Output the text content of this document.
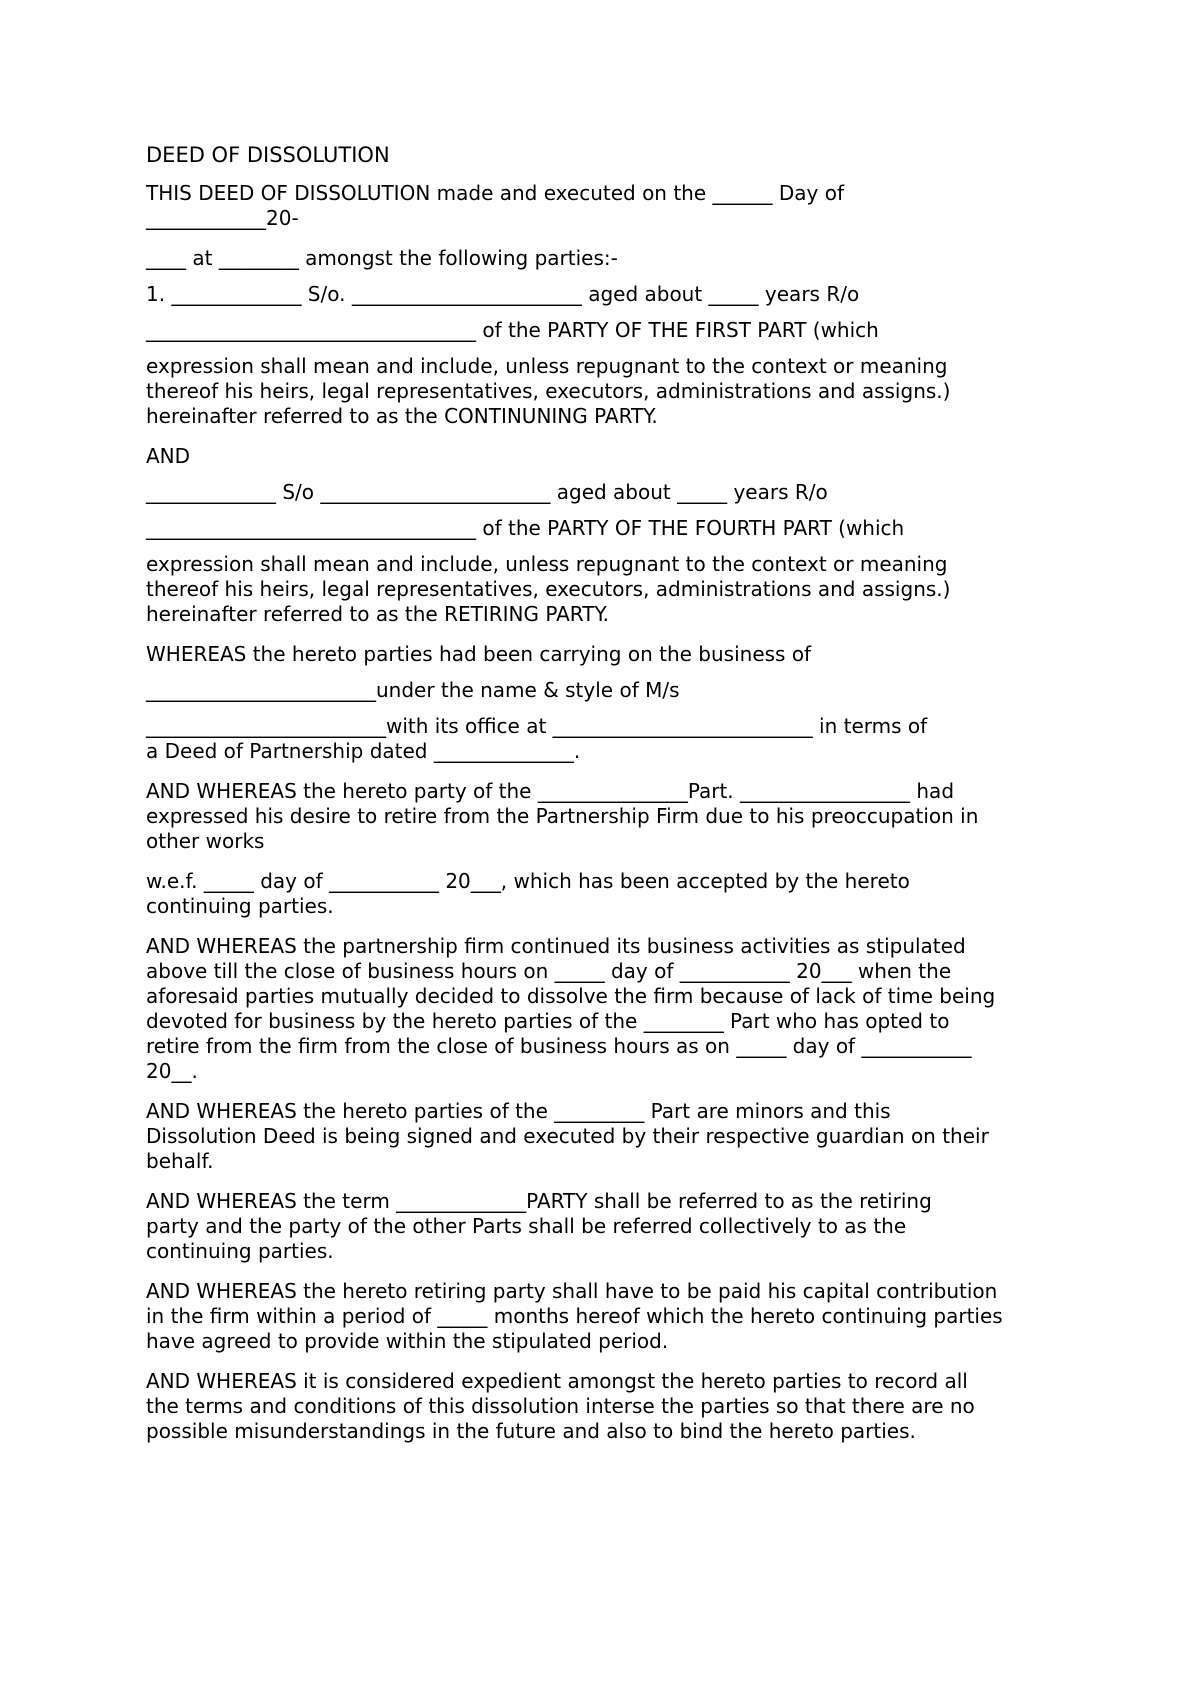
DEED OF DISSOLUTION
THIS DEED OF DISSOLUTION made and executed on the ______ Day of
____________20-
____ at ________ amongst the following parties:-
1. _____________ S/o. _______________________ aged about _____ years R/o
_________________________________ of the PARTY OF THE FIRST PART (which
expression shall mean and include, unless repugnant to the context or meaning
thereof his heirs, legal representatives, executors, administrations and assigns.)
hereinafter referred to as the CONTINUNING PARTY.
AND
_____________ S/o _______________________ aged about _____ years R/o
_________________________________ of the PARTY OF THE FOURTH PART (which
expression shall mean and include, unless repugnant to the context or meaning
thereof his heirs, legal representatives, executors, administrations and assigns.)
hereinafter referred to as the RETIRING PARTY.
WHEREAS the hereto parties had been carrying on the business of
_______________________under the name & style of M/s
________________________with its office at __________________________ in terms of
a Deed of Partnership dated ______________.
AND WHEREAS the hereto party of the _______________Part. _________________ had
expressed his desire to retire from the Partnership Firm due to his preoccupation in
other works
w.e.f. _____ day of ___________ 20___, which has been accepted by the hereto
continuing parties.
AND WHEREAS the partnership firm continued its business activities as stipulated
above till the close of business hours on _____ day of ___________ 20___ when the
aforesaid parties mutually decided to dissolve the firm because of lack of time being
devoted for business by the hereto parties of the ________ Part who has opted to
retire from the firm from the close of business hours as on _____ day of ___________
20__.
AND WHEREAS the hereto parties of the _________ Part are minors and this
Dissolution Deed is being signed and executed by their respective guardian on their
behalf.
AND WHEREAS the term _____________PARTY shall be referred to as the retiring
party and the party of the other Parts shall be referred collectively to as the
continuing parties.
AND WHEREAS the hereto retiring party shall have to be paid his capital contribution
in the firm within a period of _____ months hereof which the hereto continuing parties
have agreed to provide within the stipulated period.
AND WHEREAS it is considered expedient amongst the hereto parties to record all
the terms and conditions of this dissolution interse the parties so that there are no
possible misunderstandings in the future and also to bind the hereto parties.
